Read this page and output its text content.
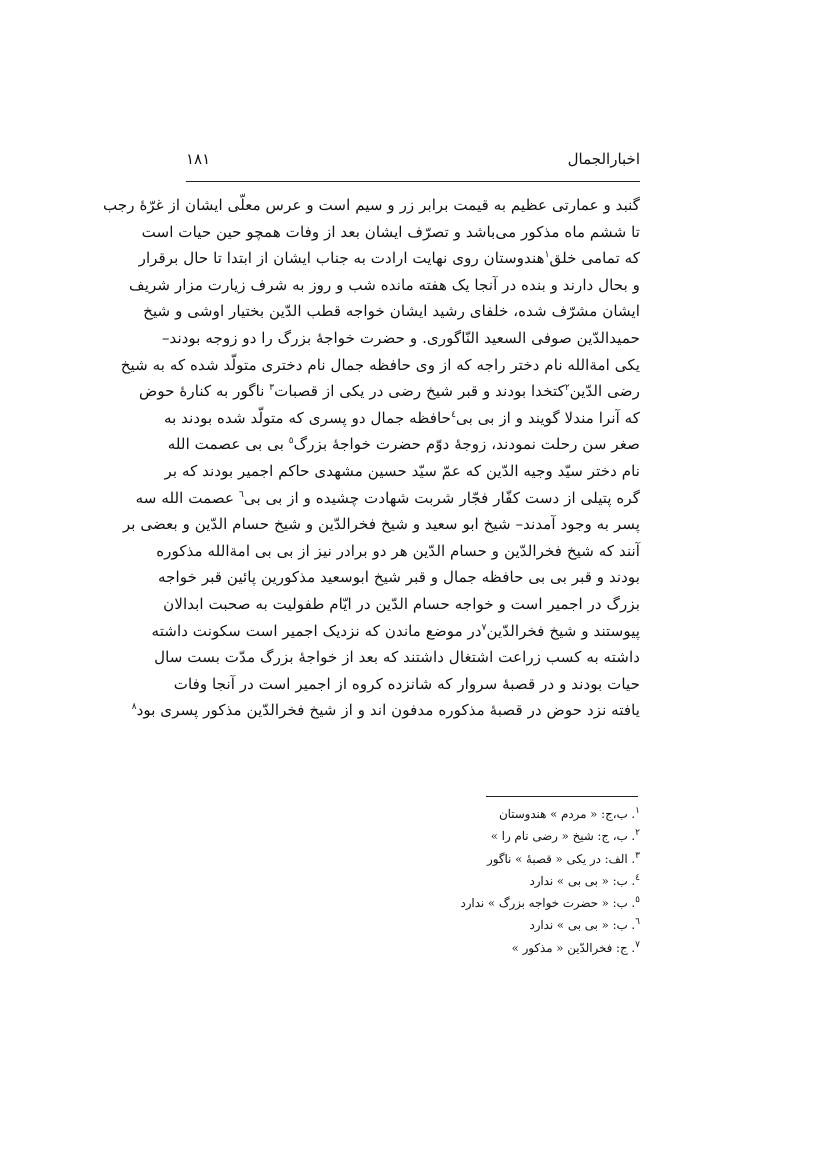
اخبارالجمال
١٨١
گنبد و عمارتی عظیم به قیمت برابر زر و سیم است و عرس معلّی ایشان از غرّهٔ رجب
تا ششم ماه مذکور می‌باشد و تصرّف ایشان بعد از وفات همچو حین حیات است
که تمامی خلق$^١$هندوستان روی نهایت ارادت به جناب ایشان از ابتدا تا حال برقرار
و بحال دارند و بنده در آنجا یک هفته مانده شب و روز به شرف زیارت مزار شریف
ایشان مشرّف شده، خلفای رشید ایشان خواجه قطب الدّین بختیار اوشی و شیخ
حمیدالدّین صوفی السعید النّاگوری. و حضرت خواجهٔ بزرگ را دو زوجه بودند–
یکی امةالله نام دختر راجه که از وی حافظه جمال نام دختری متولّد شده که به شیخ
رضی الدّین$^٢$کتخدا بودند و قبر شیخ رضی در یکی از قصبات$^٣$ ناگور به کنارهٔ حوض
که آنرا مندلا گویند و از بی بی$^٤$حافظه جمال دو پسری که متولّد شده بودند به
صغر سن رحلت نمودند، زوجهٔ دوّم حضرت خواجهٔ بزرگ$^٥$ بی بی عصمت الله
نام دختر سیّد وجیه الدّین که عمّ سیّد حسین مشهدی حاکم اجمیر بودند که بر
گره پتیلی از دست کفّار فجّار شربت شهادت چشیده و از بی بی$^٦$ عصمت الله سه
پسر به وجود آمدند– شیخ ابو سعید و شیخ فخرالدّین و شیخ حسام الدّین و بعضی بر
آنند که شیخ فخرالدّین و حسام الدّین هر دو برادر نیز از بی بی امةالله مذکوره
بودند و قبر بی بی حافظه جمال و قبر شیخ ابوسعید مذکورین پائین قبر خواجه
بزرگ در اجمیر است و خواجه حسام الدّین در ایّام طفولیت به صحبت ابدالان
پیوستند و شیخ فخرالدّین$^٧$در موضع ماندن که نزدیک اجمیر است سکونت داشته
داشته به کسب زراعت اشتغال داشتند که بعد از خواجهٔ بزرگ مدّت بست سال
حیات بودند و در قصبهٔ سروار که شانزده کروه از اجمیر است در آنجا وفات
یافته نزد حوض در قصبهٔ مذکوره مدفون اند و از شیخ فخرالدّین مذکور پسری بود$^٨$
$^١$. ب،ج: « مردم » هندوستان
$^٢$. ب، ج: شیخ « رضی نام را »
$^٣$. الف: در یکی « قصبهٔ » ناگور
$^٤$. ب: « بی بی » ندارد
$^٥$. ب: « حضرت خواجه بزرگ » ندارد
$^٦$. ب: « بی بی » ندارد
$^٧$. ج: فخرالدّین « مذکور »
